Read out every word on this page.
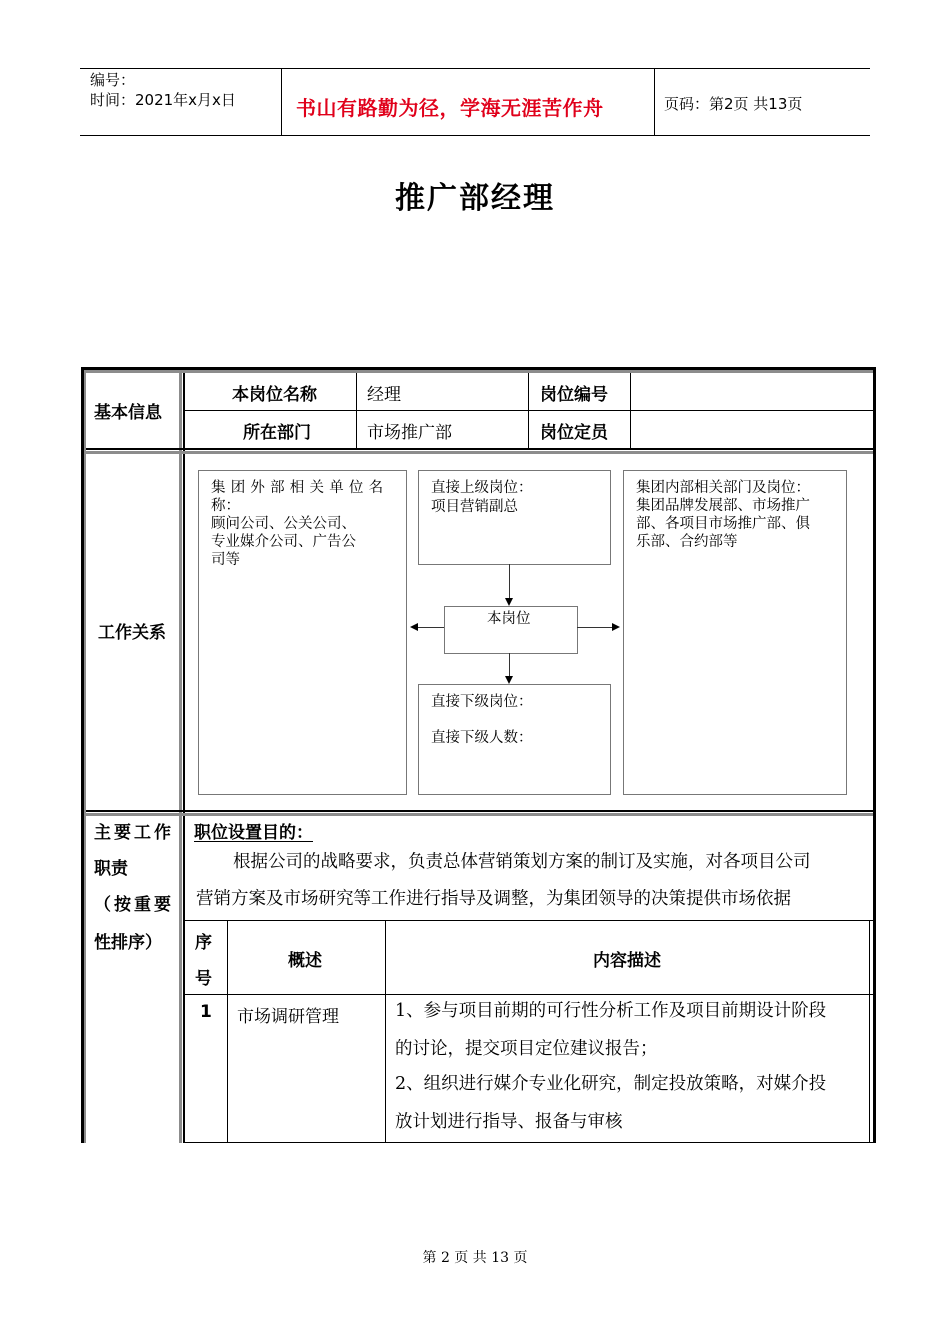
编号：
时间：2021年x月x日	书山有路勤为径，学海无涯苦作舟	页码：第2页 共13页
推广部经理
基本信息
本岗位名称	经理	岗位编号
所在部门	市场推广部	岗位定员
工作关系
集团外部相关单位名
称：
顾问公司、公关公司、
专业媒介公司、广告公
司等
直接上级岗位：
项目营销副总
集团内部相关部门及岗位：
集团品牌发展部、市场推广
部、各项目市场推广部、俱
乐部、合约部等
本岗位
直接下级岗位：
直接下级人数：
主要工作
职责
（按重要
性排序）
职位设置目的：
根据公司的战略要求，负责总体营销策划方案的制订及实施，对各项目公司
营销方案及市场研究等工作进行指导及调整，为集团领导的决策提供市场依据
序
号
概述	内容描述
1 市场调研管理	1、参与项目前期的可行性分析工作及项目前期设计阶段
的讨论，提交项目定位建议报告；
2、组织进行媒介专业化研究，制定投放策略，对媒介投
放计划进行指导、报备与审核
第 2 页 共 13 页
